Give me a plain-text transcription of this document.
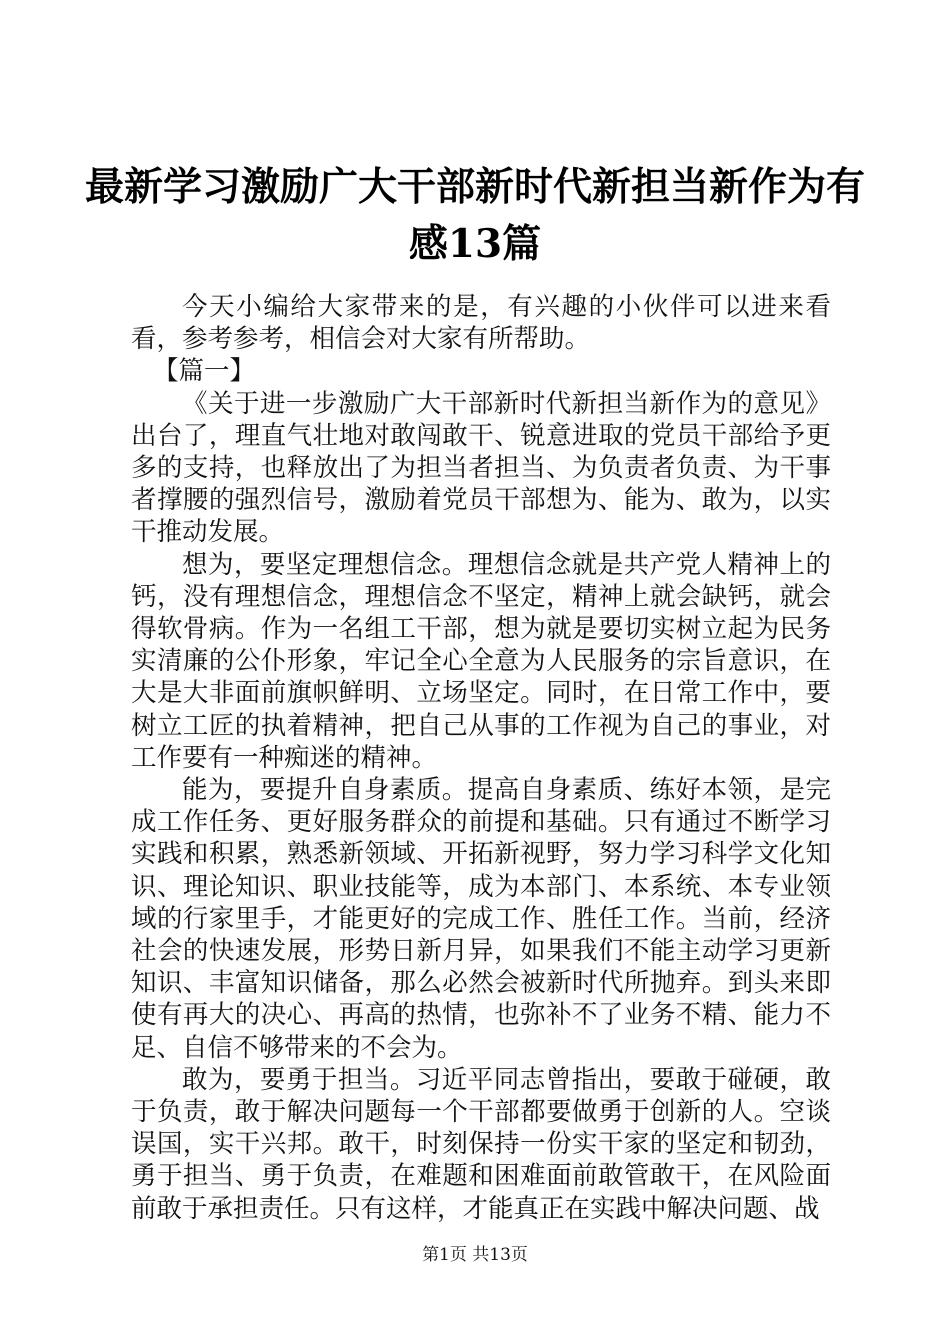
最新学习激励广大干部新时代新担当新作为有
感13篇

今天小编给大家带来的是，有兴趣的小伙伴可以进来看看，参考参考，相信会对大家有所帮助。

【篇一】

《关于进一步激励广大干部新时代新担当新作为的意见》出台了，理直气壮地对敢闯敢干、锐意进取的党员干部给予更多的支持，也释放出了为担当者担当、为负责者负责、为干事者撑腰的强烈信号，激励着党员干部想为、能为、敢为，以实干推动发展。

想为，要坚定理想信念。理想信念就是共产党人精神上的钙，没有理想信念，理想信念不坚定，精神上就会缺钙，就会得软骨病。作为一名组工干部，想为就是要切实树立起为民务实清廉的公仆形象，牢记全心全意为人民服务的宗旨意识，在大是大非面前旗帜鲜明、立场坚定。同时，在日常工作中，要树立工匠的执着精神，把自己从事的工作视为自己的事业，对工作要有一种痴迷的精神。

能为，要提升自身素质。提高自身素质、练好本领，是完成工作任务、更好服务群众的前提和基础。只有通过不断学习实践和积累，熟悉新领域、开拓新视野，努力学习科学文化知识、理论知识、职业技能等，成为本部门、本系统、本专业领域的行家里手，才能更好的完成工作、胜任工作。当前，经济社会的快速发展，形势日新月异，如果我们不能主动学习更新知识、丰富知识储备，那么必然会被新时代所抛弃。到头来即使有再大的决心、再高的热情，也弥补不了业务不精、能力不足、自信不够带来的不会为。

敢为，要勇于担当。习近平同志曾指出，要敢于碰硬，敢于负责，敢于解决问题每一个干部都要做勇于创新的人。空谈误国，实干兴邦。敢干，时刻保持一份实干家的坚定和韧劲，勇于担当、勇于负责，在难题和困难面前敢管敢干，在风险面前敢于承担责任。只有这样，才能真正在实践中解决问题、战

第1页 共13页
